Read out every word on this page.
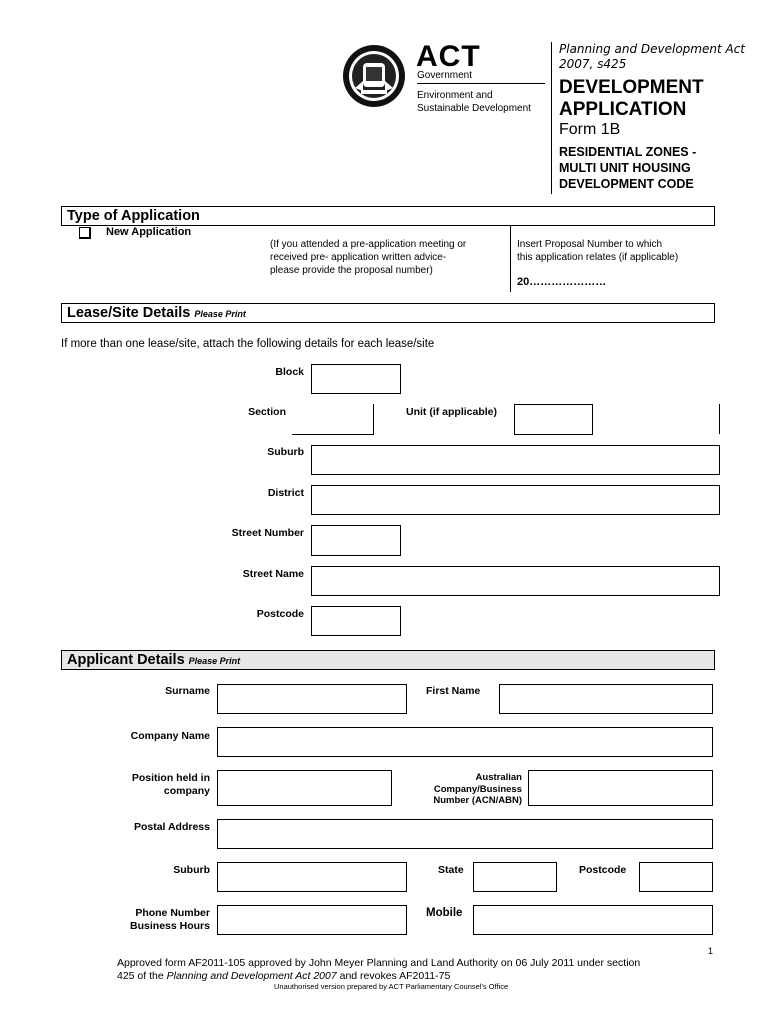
ACT
Government
Environment and
Sustainable Development
Planning and Development Act
2007, s425
DEVELOPMENT
APPLICATION
Form 1B
RESIDENTIAL ZONES -
MULTI UNIT HOUSING
DEVELOPMENT CODE
Type of Application
New Application
(If you attended a pre-application meeting or
received pre- application written advice-
please provide the proposal number)
Insert Proposal Number to which
this application relates (if applicable)
20…………………
Lease/Site Details Please Print
If more than one lease/site, attach the following details for each lease/site
Block
Section	Unit (if applicable)
Suburb
District
Street Number
Street Name
Postcode
Applicant Details Please Print
Surname	First Name
Company Name
Position held in
company
Australian
Company/Business
Number (ACN/ABN)
Postal Address
Suburb	State	Postcode
Phone Number
Business Hours
Mobile
1
Approved form AF2011-105 approved by John Meyer Planning and Land Authority on 06 July 2011 under section
425 of the Planning and Development Act 2007 and revokes AF2011-75
Unauthorised version prepared by ACT Parliamentary Counsel's Office
